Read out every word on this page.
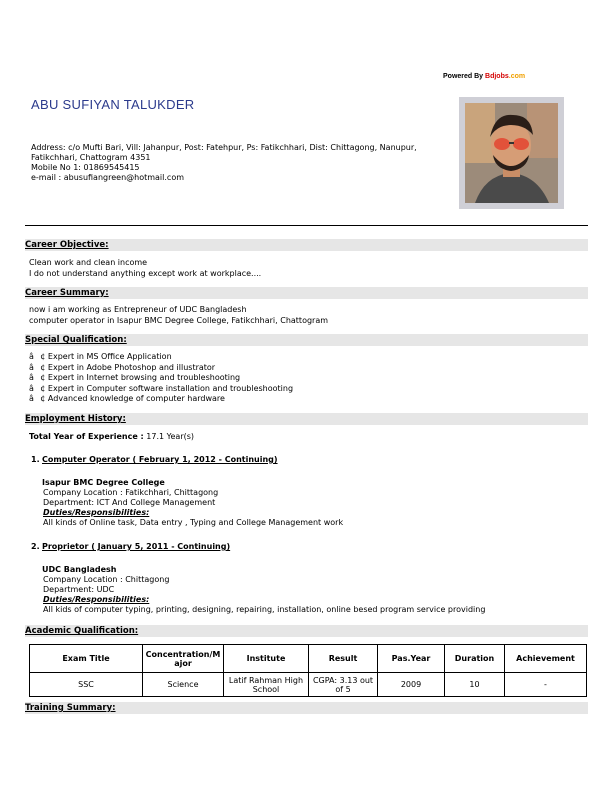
Powered By Bdjobs.com
ABU SUFIYAN TALUKDER
Address: c/o Mufti Bari, Vill: Jahanpur, Post: Fatehpur, Ps: Fatikchhari, Dist: Chittagong, Nanupur,
Fatikchhari, Chattogram 4351
Mobile No 1: 01869545415
e-mail : abusufiangreen@hotmail.com
Career Objective:
Clean work and clean income
I do not understand anything except work at workplace....
Career Summary:
now i am working as Entrepreneur of UDC Bangladesh
computer operator in Isapur BMC Degree College, Fatikchhari, Chattogram
Special Qualification:
â¢ Expert in MS Office Application
â¢ Expert in Adobe Photoshop and illustrator
â¢ Expert in Internet browsing and troubleshooting
â¢ Expert in Computer software installation and troubleshooting
â¢ Advanced knowledge of computer hardware
Employment History:
Total Year of Experience : 17.1 Year(s)
1. Computer Operator ( February 1, 2012 - Continuing)
Isapur BMC Degree College
Company Location : Fatikchhari, Chittagong
Department: ICT And College Management
Duties/Responsibilities:
All kinds of Online task, Data entry , Typing and College Management work
2. Proprietor ( January 5, 2011 - Continuing)
UDC Bangladesh
Company Location : Chittagong
Department: UDC
Duties/Responsibilities:
All kids of computer typing, printing, designing, repairing, installation, online besed program service providing
Academic Qualification:
Exam Title	Concentration/M ajor	Institute	Result	Pas.Year	Duration	Achievement
SSC	Science	Latif Rahman High School	CGPA: 3.13 out of 5	2009	10	-
Training Summary:
